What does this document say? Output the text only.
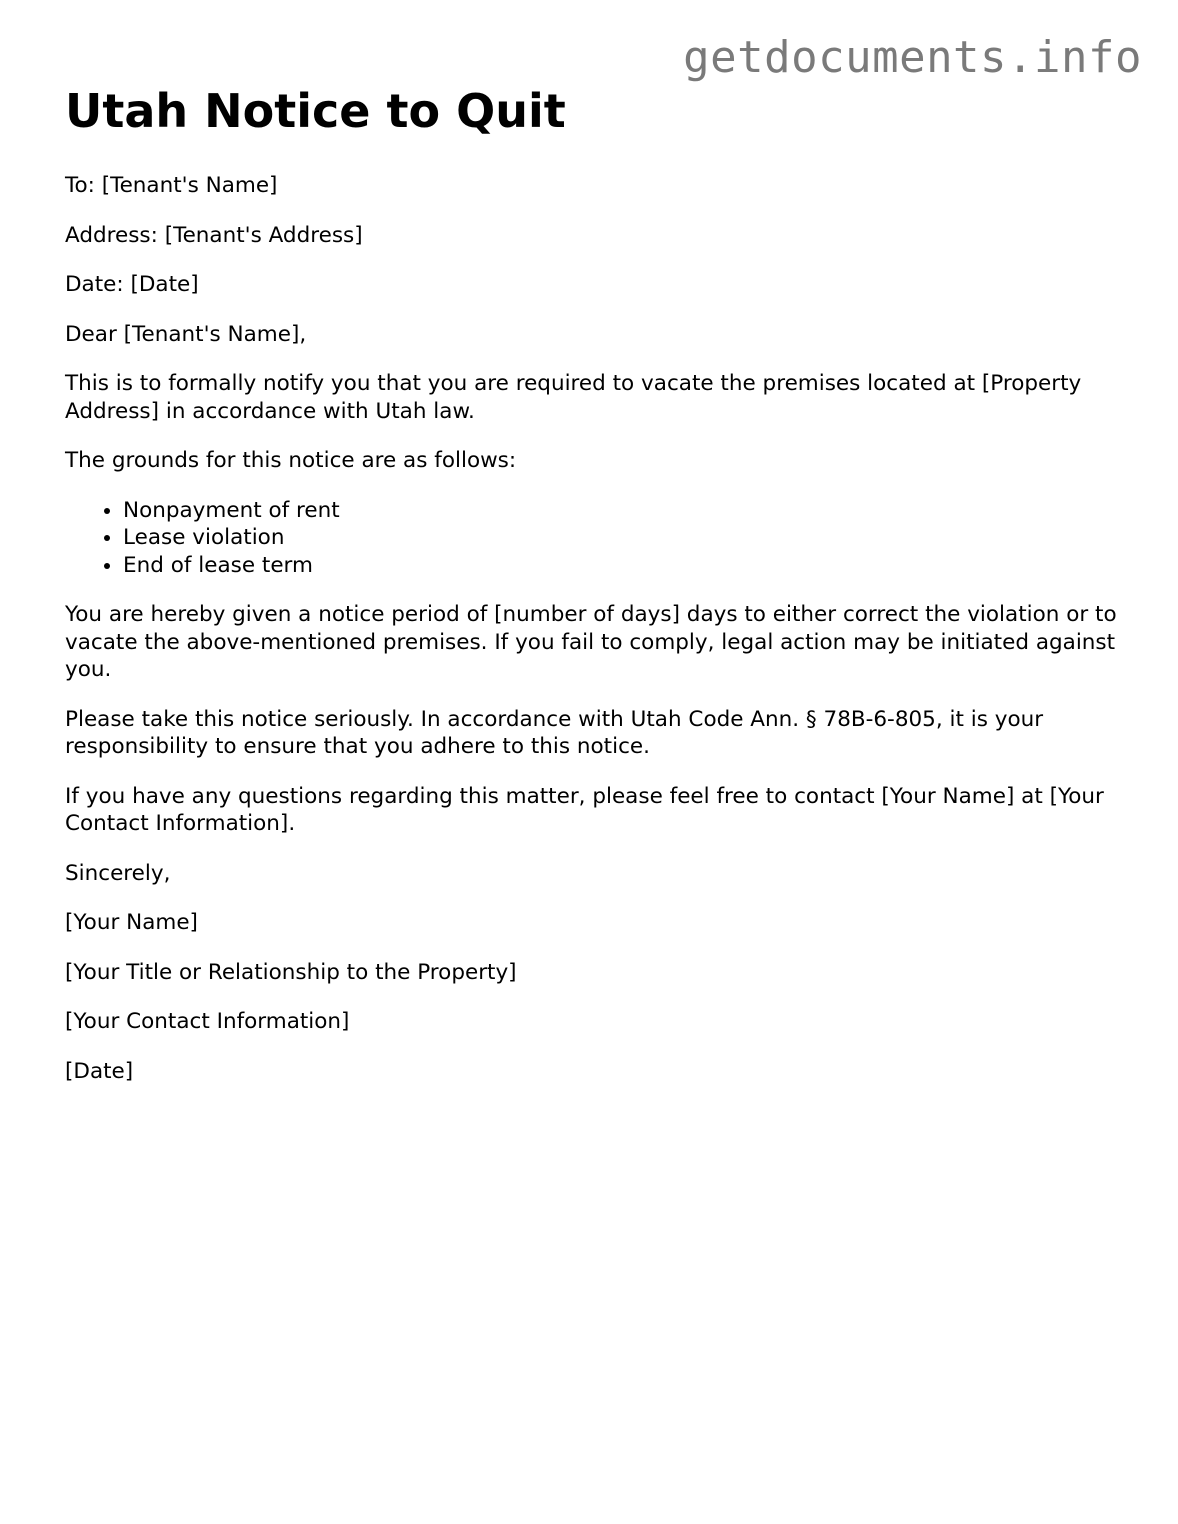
getdocuments.info
Utah Notice to Quit

To: [Tenant's Name]

Address: [Tenant's Address]

Date: [Date]

Dear [Tenant's Name],

This is to formally notify you that you are required to vacate the premises located at [Property Address] in accordance with Utah law.

The grounds for this notice are as follows:

• Nonpayment of rent
• Lease violation
• End of lease term

You are hereby given a notice period of [number of days] days to either correct the violation or to vacate the above-mentioned premises. If you fail to comply, legal action may be initiated against you.

Please take this notice seriously. In accordance with Utah Code Ann. § 78B-6-805, it is your responsibility to ensure that you adhere to this notice.

If you have any questions regarding this matter, please feel free to contact [Your Name] at [Your Contact Information].

Sincerely,

[Your Name]

[Your Title or Relationship to the Property]

[Your Contact Information]

[Date]
